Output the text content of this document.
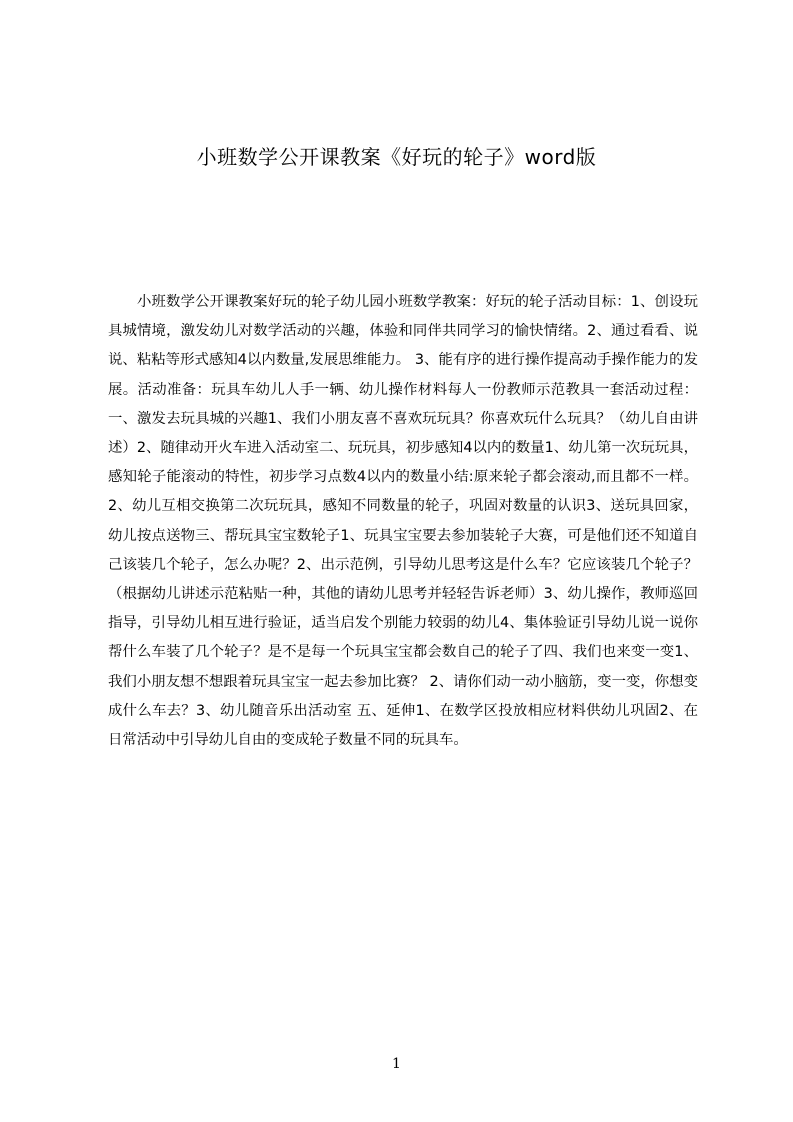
小班数学公开课教案《好玩的轮子》word版
小班数学公开课教案好玩的轮子幼儿园小班数学教案：好玩的轮子活动目标：1、创设玩具城情境，激发幼儿对数学活动的兴趣，体验和同伴共同学习的愉快情绪。2、通过看看、说说、粘粘等形式感知4以内数量,发展思维能力。 3、能有序的进行操作提高动手操作能力的发展。活动准备：玩具车幼儿人手一辆、幼儿操作材料每人一份教师示范教具一套活动过程：一、激发去玩具城的兴趣1、我们小朋友喜不喜欢玩玩具？你喜欢玩什么玩具？（幼儿自由讲述）2、随律动开火车进入活动室二、玩玩具，初步感知4以内的数量1、幼儿第一次玩玩具，感知轮子能滚动的特性，初步学习点数4以内的数量小结:原来轮子都会滚动,而且都不一样。 2、幼儿互相交换第二次玩玩具，感知不同数量的轮子，巩固对数量的认识3、送玩具回家，幼儿按点送物三、帮玩具宝宝数轮子1、玩具宝宝要去参加装轮子大赛，可是他们还不知道自己该装几个轮子，怎么办呢？2、出示范例，引导幼儿思考这是什么车？它应该装几个轮子？（根据幼儿讲述示范粘贴一种，其他的请幼儿思考并轻轻告诉老师）3、幼儿操作，教师巡回指导，引导幼儿相互进行验证，适当启发个别能力较弱的幼儿4、集体验证引导幼儿说一说你帮什么车装了几个轮子？是不是每一个玩具宝宝都会数自己的轮子了四、我们也来变一变1、我们小朋友想不想跟着玩具宝宝一起去参加比赛？ 2、请你们动一动小脑筋，变一变，你想变成什么车去？3、幼儿随音乐出活动室 五、延伸1、在数学区投放相应材料供幼儿巩固2、在日常活动中引导幼儿自由的变成轮子数量不同的玩具车。
1
